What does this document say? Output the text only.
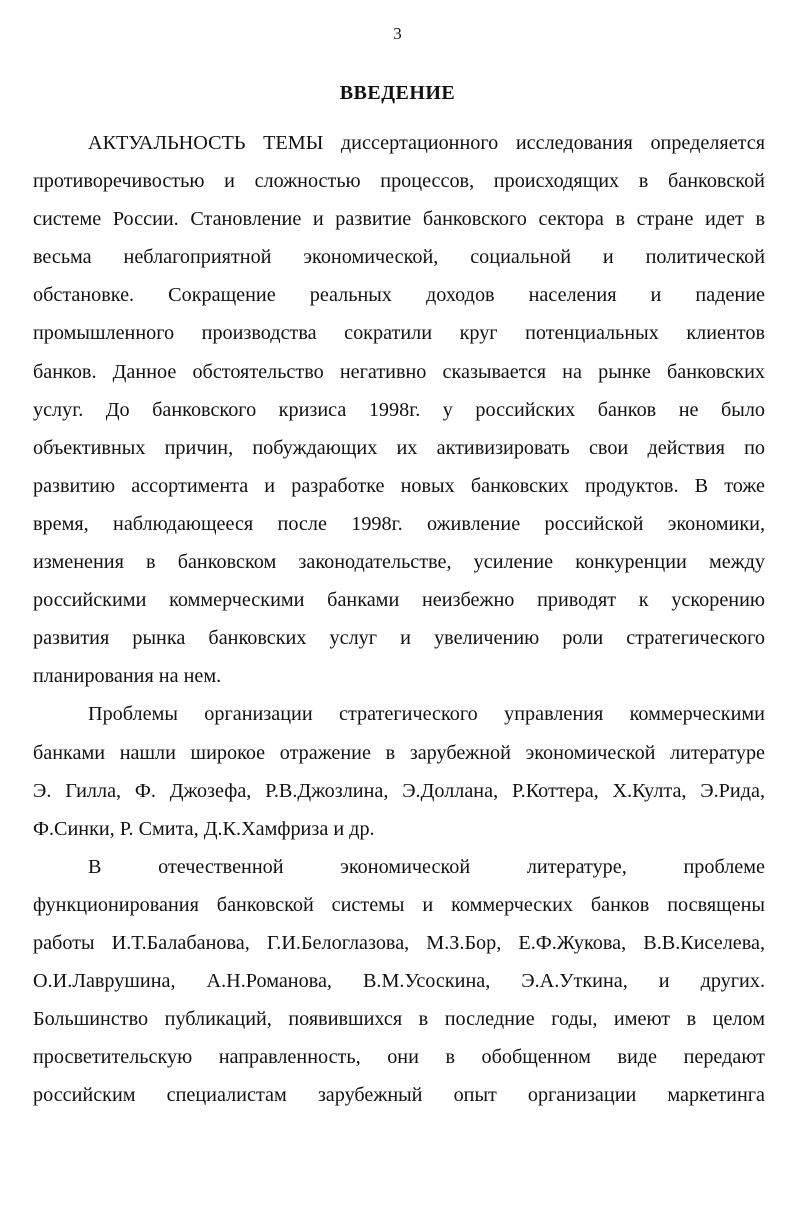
3
ВВЕДЕНИЕ
АКТУАЛЬНОСТЬ ТЕМЫ диссертационного исследования определяется
противоречивостью и сложностью процессов, происходящих в банковской
системе России. Становление и развитие банковского сектора в стране идет в
весьма неблагоприятной экономической, социальной и политической
обстановке. Сокращение реальных доходов населения и падение
промышленного производства сократили круг потенциальных клиентов
банков. Данное обстоятельство негативно сказывается на рынке банковских
услуг. До банковского кризиса 1998г. у российских банков не было
объективных причин, побуждающих их активизировать свои действия по
развитию ассортимента и разработке новых банковских продуктов. В тоже
время, наблюдающееся после 1998г. оживление российской экономики,
изменения в банковском законодательстве, усиление конкуренции между
российскими коммерческими банками неизбежно приводят к ускорению
развития рынка банковских услуг и увеличению роли стратегического
планирования на нем.
Проблемы организации стратегического управления коммерческими
банками нашли широкое отражение в зарубежной экономической литературе
Э. Гилла, Ф. Джозефа, Р.В.Джозлина, Э.Доллана, Р.Коттера, Х.Култа, Э.Рида,
Ф.Синки, Р. Смита, Д.К.Хамфриза и др.
В отечественной экономической литературе, проблеме
функционирования банковской системы и коммерческих банков посвящены
работы И.Т.Балабанова, Г.И.Белоглазова, М.З.Бор, Е.Ф.Жукова, В.В.Киселева,
О.И.Лаврушина, А.Н.Романова, В.М.Усоскина, Э.А.Уткина, и других.
Большинство публикаций, появившихся в последние годы, имеют в целом
просветительскую направленность, они в обобщенном виде передают
российским специалистам зарубежный опыт организации маркетинга
